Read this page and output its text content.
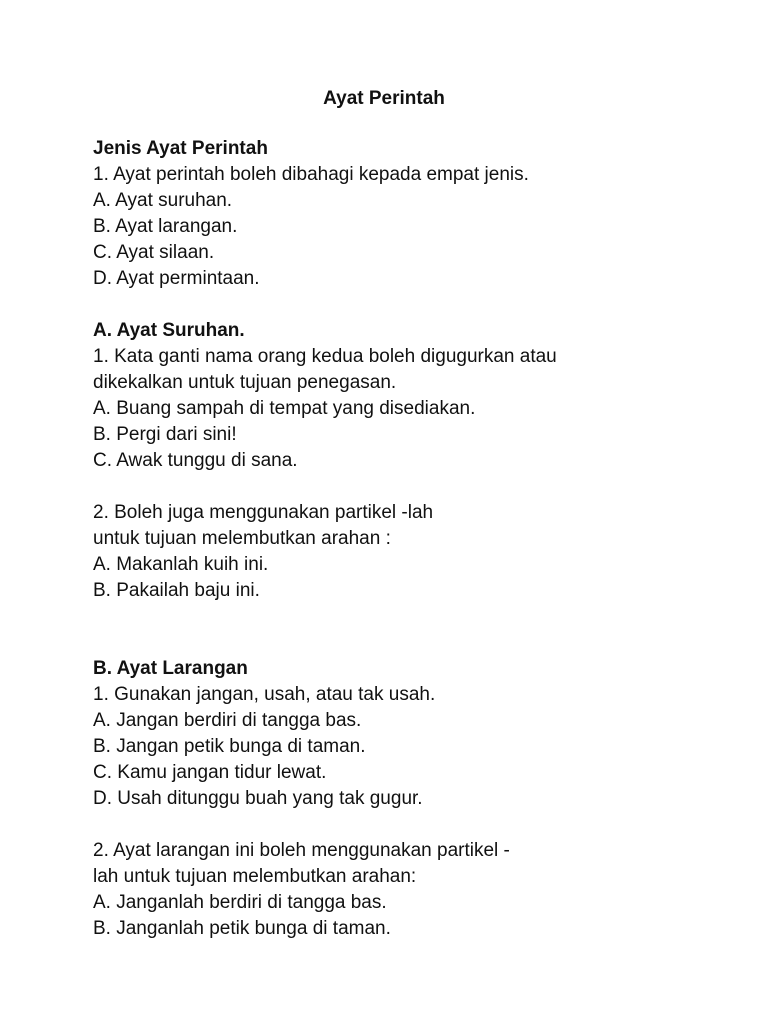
Ayat Perintah
Jenis Ayat Perintah
1. Ayat perintah boleh dibahagi kepada empat jenis.
A. Ayat suruhan.
B. Ayat larangan.
C. Ayat silaan.
D. Ayat permintaan.
A. Ayat Suruhan.
1. Kata ganti nama orang kedua boleh digugurkan atau
dikekalkan untuk tujuan penegasan.
A. Buang sampah di tempat yang disediakan.
B. Pergi dari sini!
C. Awak tunggu di sana.
2. Boleh juga menggunakan partikel -lah
untuk tujuan melembutkan arahan :
A. Makanlah kuih ini.
B. Pakailah baju ini.
B. Ayat Larangan
1. Gunakan jangan, usah, atau tak usah.
A. Jangan berdiri di tangga bas.
B. Jangan petik bunga di taman.
C. Kamu jangan tidur lewat.
D. Usah ditunggu buah yang tak gugur.
2. Ayat larangan ini boleh menggunakan partikel -
lah untuk tujuan melembutkan arahan:
A. Janganlah berdiri di tangga bas.
B. Janganlah petik bunga di taman.
